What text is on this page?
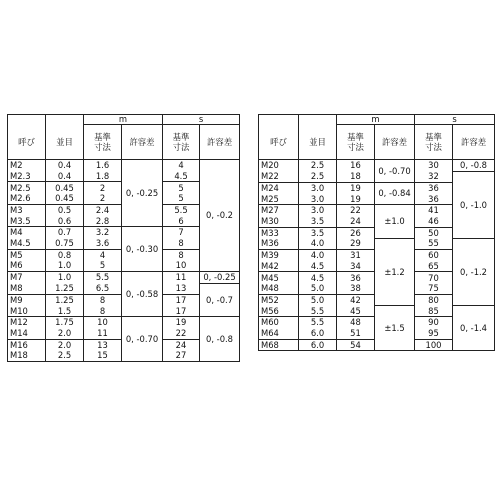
		m		s	
呼び	並目	基準寸法	許容差	基準寸法	許容差
M2	0.4	1.6	0, -0.25	4	0, -0.2
M2.3	0.4	1.8		4.5	
M2.5	0.45	2		5	
M2.6	0.45	2		5	
M3	0.5	2.4		5.5	
M3.5	0.6	2.8		6	
M4	0.7	3.2	0, -0.30	7	
M4.5	0.75	3.6		8	
M5	0.8	4		8	
M6	1.0	5		10	
M7	1.0	5.5	0, -0.58	11	0, -0.25
M8	1.25	6.5		13	0, -0.7
M9	1.25	8		17	
M10	1.5	8		17	
M12	1.75	10	0, -0.70	19	0, -0.8
M14	2.0	11		22	
M16	2.0	13		24	
M18	2.5	15		27	
		m		s	
呼び	並目	基準寸法	許容差	基準寸法	許容差
M20	2.5	16	0, -0.70	30	0, -0.8
M22	2.5	18		32	0, -1.0
M24	3.0	19	0, -0.84	36	
M25	3.0	19		36	
M27	3.0	22	±1.0	41	
M30	3.5	24		46	
M33	3.5	26		50	
M36	4.0	29	±1.2	55	0, -1.2
M39	4.0	31		60	
M42	4.5	34		65	
M45	4.5	36		70	
M48	5.0	38		75	
M52	5.0	42		80	
M56	5.5	45	±1.5	85	0, -1.4
M60	5.5	48		90	
M64	6.0	51		95	
M68	6.0	54		100	
